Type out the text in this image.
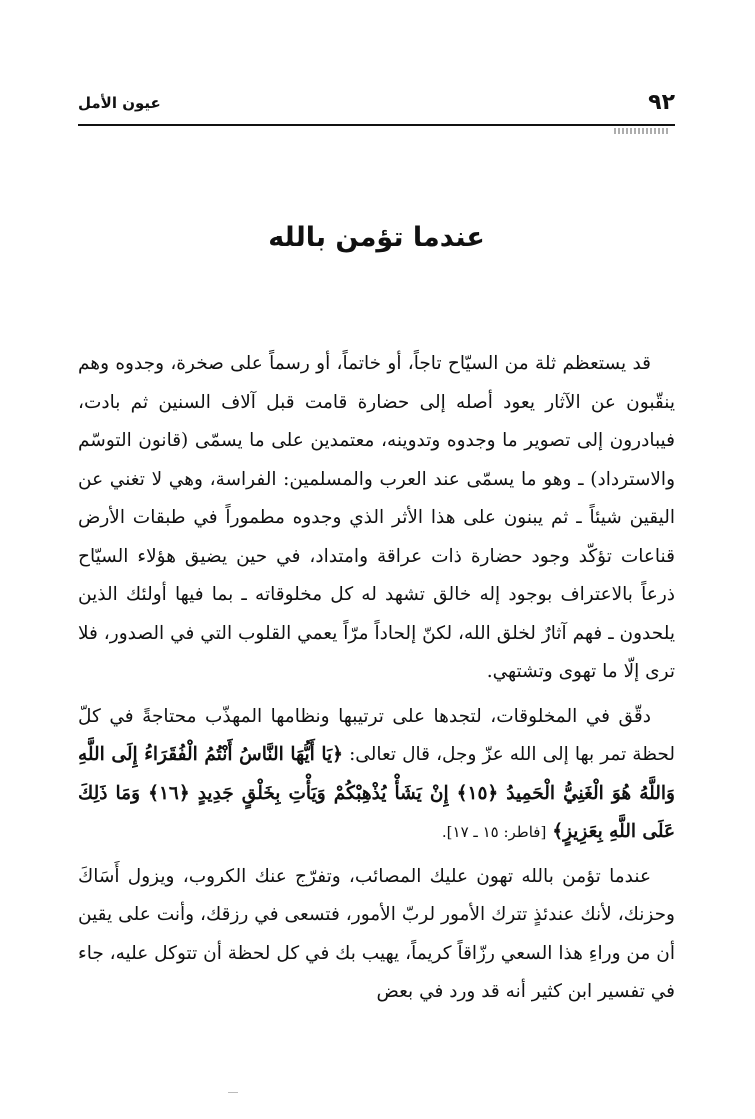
٩٢
عيون الأمل
عندما تؤمن بالله

قد يستعظم ثلة من السيّاح تاجاً، أو خاتماً، أو رسماً على صخرة، وجدوه وهم ينقّبون عن الآثار يعود أصله إلى حضارة قامت قبل آلاف السنين ثم بادت، فيبادرون إلى تصوير ما وجدوه وتدوينه، معتمدين على ما يسمّى (قانون التوسّم والاسترداد) ـ وهو ما يسمّى عند العرب والمسلمين: الفراسة، وهي لا تغني عن اليقين شيئاً ـ ثم يبنون على هذا الأثر الذي وجدوه مطموراً في طبقات الأرض قناعات تؤكّد وجود حضارة ذات عراقة وامتداد، في حين يضيق هؤلاء السيّاح ذرعاً بالاعتراف بوجود إله خالق تشهد له كل مخلوقاته ـ بما فيها أولئك الذين يلحدون ـ فهم آثارٌ لخلق الله، لكنّ إلحاداً مرّاً يعمي القلوب التي في الصدور، فلا ترى إلّا ما تهوى وتشتهي.

دقّق في المخلوقات، لتجدها على ترتيبها ونظامها المهذّب محتاجةً في كلّ لحظة تمر بها إلى الله عزّ وجل، قال تعالى: ﴿يَا أَيُّهَا النَّاسُ أَنْتُمُ الْفُقَرَاءُ إِلَى اللَّهِ وَاللَّهُ هُوَ الْغَنِيُّ الْحَمِيدُ ﴿١٥﴾ إِنْ يَشَأْ يُذْهِبْكُمْ وَيَأْتِ بِخَلْقٍ جَدِيدٍ ﴿١٦﴾ وَمَا ذَلِكَ عَلَى اللَّهِ بِعَزِيزٍ﴾ [فاطر: ١٥ ـ ١٧].

عندما تؤمن بالله تهون عليك المصائب، وتفرّج عنك الكروب، ويزول أَسَاكَ وحزنك، لأنك عندئذٍ تترك الأمور لربّ الأمور، فتسعى في رزقك، وأنت على يقين أن من وراءِ هذا السعي رزّاقاً كريماً، يهيب بك في كل لحظة أن تتوكل عليه، جاء في تفسير ابن كثير أنه قد ورد في بعض
